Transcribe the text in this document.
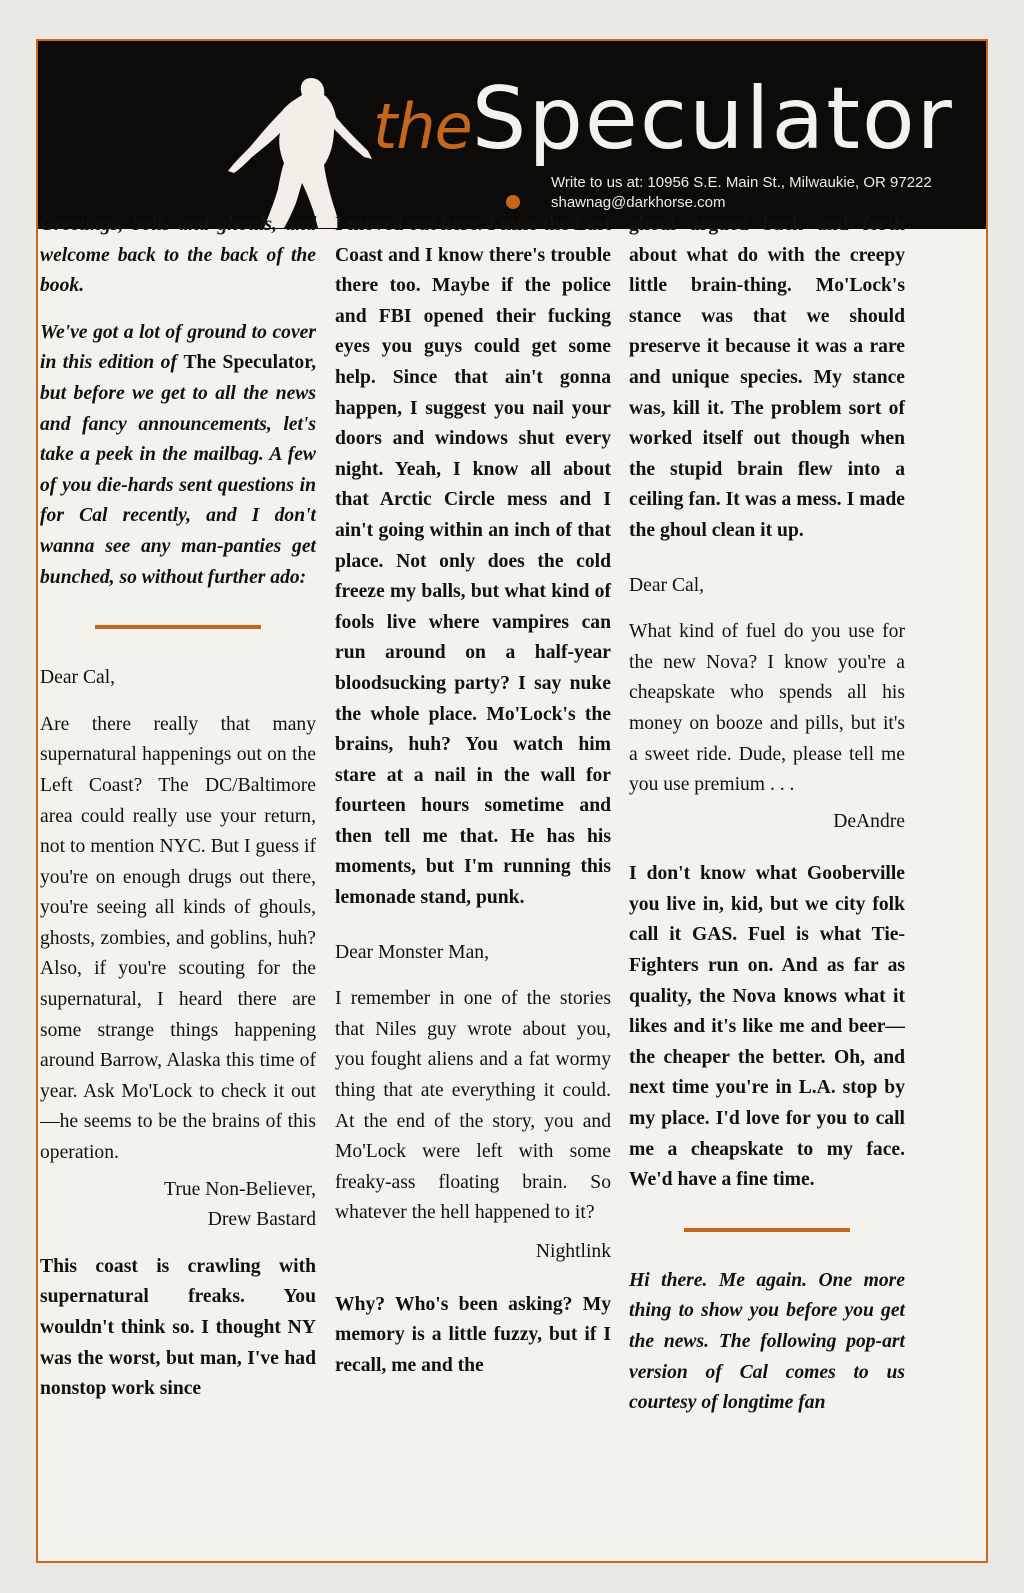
theSpeculator
Write to us at: 10956 S.E. Main St., Milwaukie, OR 97222
shawnag@darkhorse.com

Greetings, boils and ghouls, and welcome back to the back of the book.

We've got a lot of ground to cover in this edition of The Speculator, but before we get to all the news and fancy announcements, let's take a peek in the mailbag. A few of you die-hards sent questions in for Cal recently, and I don't wanna see any man-panties get bunched, so without further ado:

Dear Cal,

Are there really that many supernatural happenings out on the Left Coast? The DC/Baltimore area could really use your return, not to mention NYC. But I guess if you're on enough drugs out there, you're seeing all kinds of ghouls, ghosts, zombies, and goblins, huh? Also, if you're scouting for the supernatural, I heard there are some strange things happening around Barrow, Alaska this time of year. Ask Mo'Lock to check it out—he seems to be the brains of this operation.

True Non-Believer,

Drew Bastard

This coast is crawling with supernatural freaks. You wouldn't think so. I thought NY was the worst, but man, I've had nonstop work since

I moved out here. I miss the East Coast and I know there's trouble there too. Maybe if the police and FBI opened their fucking eyes you guys could get some help. Since that ain't gonna happen, I suggest you nail your doors and windows shut every night. Yeah, I know all about that Arctic Circle mess and I ain't going within an inch of that place. Not only does the cold freeze my balls, but what kind of fools live where vampires can run around on a half-year bloodsucking party? I say nuke the whole place. Mo'Lock's the brains, huh? You watch him stare at a nail in the wall for fourteen hours sometime and then tell me that. He has his moments, but I'm running this lemonade stand, punk.

Dear Monster Man,

I remember in one of the stories that Niles guy wrote about you, you fought aliens and a fat wormy thing that ate everything it could. At the end of the story, you and Mo'Lock were left with some freaky-ass floating brain. So whatever the hell happened to it?

Nightlink

Why? Who's been asking? My memory is a little fuzzy, but if I recall, me and the

ghoul argued back and forth about what do with the creepy little brain-thing. Mo'Lock's stance was that we should preserve it because it was a rare and unique species. My stance was, kill it. The problem sort of worked itself out though when the stupid brain flew into a ceiling fan. It was a mess. I made the ghoul clean it up.

Dear Cal,

What kind of fuel do you use for the new Nova? I know you're a cheapskate who spends all his money on booze and pills, but it's a sweet ride. Dude, please tell me you use premium . . .

DeAndre

I don't know what Gooberville you live in, kid, but we city folk call it GAS. Fuel is what Tie-Fighters run on. And as far as quality, the Nova knows what it likes and it's like me and beer—the cheaper the better. Oh, and next time you're in L.A. stop by my place. I'd love for you to call me a cheapskate to my face. We'd have a fine time.

Hi there. Me again. One more thing to show you before you get the news. The following pop-art version of Cal comes to us courtesy of longtime fan
